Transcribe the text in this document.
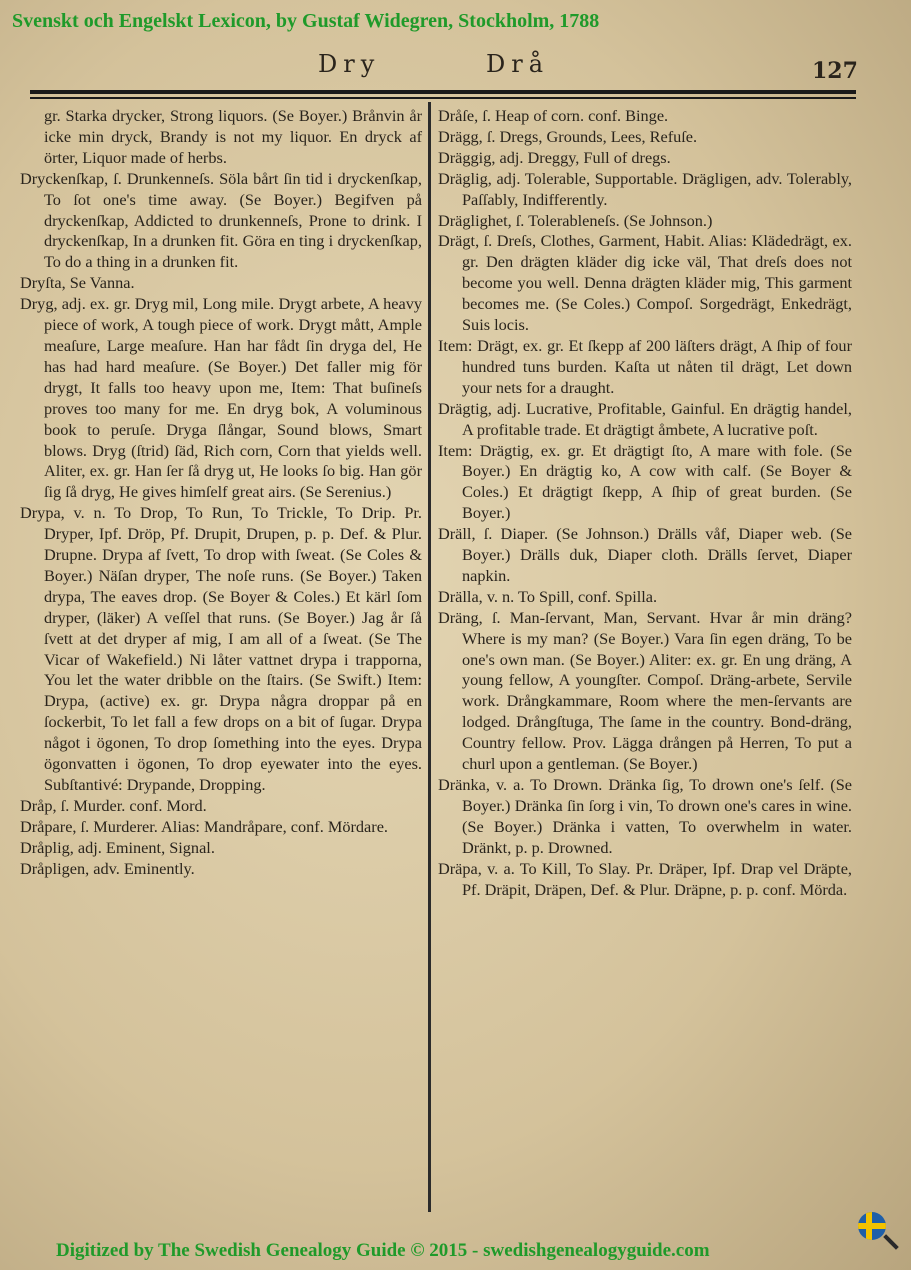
Svenskt och Engelskt Lexicon, by Gustaf Widegren, Stockholm, 1788
Dry	Drå	127
gr. Starka drycker, Strong liquors. (Se Boyer.) Brånvin år icke min dryck, Brandy is not my liquor. En dryck af örter, Liquor made of herbs.
Dryckenſkap, ſ. Drunkenneſs. Söla bårt ſin tid i dryckenſkap, To ſot one's time away. (Se Boyer.) Begifven på dryckenſkap, Addicted to drunkenneſs, Prone to drink. I dryckenſkap, In a drunken fit. Göra en ting i dryckenſkap, To do a thing in a drunken fit.
Dryſta, Se Vanna.
Dryg, adj. ex. gr. Dryg mil, Long mile. Drygt arbete, A heavy piece of work, A tough piece of work. Drygt mått, Ample meaſure, Large meaſure. Han har fådt ſin dryga del, He has had hard meaſure. (Se Boyer.) Det faller mig för drygt, It falls too heavy upon me, Item: That buſineſs proves too many for me. En dryg bok, A voluminous book to peruſe. Dryga ſlångar, Sound blows, Smart blows. Dryg (ſtrid) ſäd, Rich corn, Corn that yields well. Aliter, ex. gr. Han ſer ſå dryg ut, He looks ſo big. Han gör ſig ſå dryg, He gives himſelf great airs. (Se Serenius.)
Drypa, v. n. To Drop, To Run, To Trickle, To Drip. Pr. Dryper, Ipf. Dröp, Pf. Drupit, Drupen, p. p. Def. & Plur. Drupne. Drypa af ſvett, To drop with ſweat. (Se Coles & Boyer.) Näſan dryper, The noſe runs. (Se Boyer.) Taken drypa, The eaves drop. (Se Boyer & Coles.) Et kärl ſom dryper, (läker) A veſſel that runs. (Se Boyer.) Jag år ſå ſvett at det dryper af mig, I am all of a ſweat. (Se The Vicar of Wakefield.) Ni låter vattnet drypa i trapporna, You let the water dribble on the ſtairs. (Se Swift.) Item: Drypa, (active) ex. gr. Drypa några droppar på en ſockerbit, To let fall a few drops on a bit of ſugar. Drypa något i ögonen, To drop ſomething into the eyes. Drypa ögonvatten i ögonen, To drop eyewater into the eyes. Subſtantivé: Drypande, Dropping.
Dråp, ſ. Murder. conf. Mord.
Dråpare, ſ. Murderer. Alias: Mandråpare, conf. Mördare.
Dråplig, adj. Eminent, Signal.
Dråpligen, adv. Eminently.
Dråſe, ſ. Heap of corn. conf. Binge.
Drägg, ſ. Dregs, Grounds, Lees, Refuſe.
Dräggig, adj. Dreggy, Full of dregs.
Dräglig, adj. Tolerable, Supportable. Drägligen, adv. Tolerably, Paſſably, Indifferently.
Dräglighet, ſ. Tolerableneſs. (Se Johnson.)
Drägt, ſ. Dreſs, Clothes, Garment, Habit. Alias: Klädedrägt, ex. gr. Den drägten kläder dig icke väl, That dreſs does not become you well. Denna drägten kläder mig, This garment becomes me. (Se Coles.) Compoſ. Sorgedrägt, Enkedrägt, Suis locis.
Item: Drägt, ex. gr. Et ſkepp af 200 läſters drägt, A ſhip of four hundred tuns burden. Kaſta ut nåten til drägt, Let down your nets for a draught.
Drägtig, adj. Lucrative, Profitable, Gainful. En drägtig handel, A profitable trade. Et drägtigt åmbete, A lucrative poſt.
Item: Drägtig, ex. gr. Et drägtigt ſto, A mare with fole. (Se Boyer.) En drägtig ko, A cow with calf. (Se Boyer & Coles.) Et drägtigt ſkepp, A ſhip of great burden. (Se Boyer.)
Dräll, ſ. Diaper. (Se Johnson.) Drälls våf, Diaper web. (Se Boyer.) Drälls duk, Diaper cloth. Drälls ſervet, Diaper napkin.
Drälla, v. n. To Spill, conf. Spilla.
Dräng, ſ. Man-ſervant, Man, Servant. Hvar år min dräng? Where is my man? (Se Boyer.) Vara ſin egen dräng, To be one's own man. (Se Boyer.) Aliter: ex. gr. En ung dräng, A young fellow, A youngſter. Compoſ. Dräng-arbete, Servile work. Drångkammare, Room where the men-ſervants are lodged. Drångſtuga, The ſame in the country. Bond-dräng, Country fellow. Prov. Lägga drången på Herren, To put a churl upon a gentleman. (Se Boyer.)
Dränka, v. a. To Drown. Dränka ſig, To drown one's ſelf. (Se Boyer.) Dränka ſin ſorg i vin, To drown one's cares in wine. (Se Boyer.) Dränka i vatten, To overwhelm in water. Dränkt, p. p. Drowned.
Dräpa, v. a. To Kill, To Slay. Pr. Dräper, Ipf. Drap vel Dräpte, Pf. Dräpit, Dräpen, Def. & Plur. Dräpne, p. p. conf. Mörda.
Digitized by The Swedish Genealogy Guide © 2015 - swedishgenealogyguide.com
